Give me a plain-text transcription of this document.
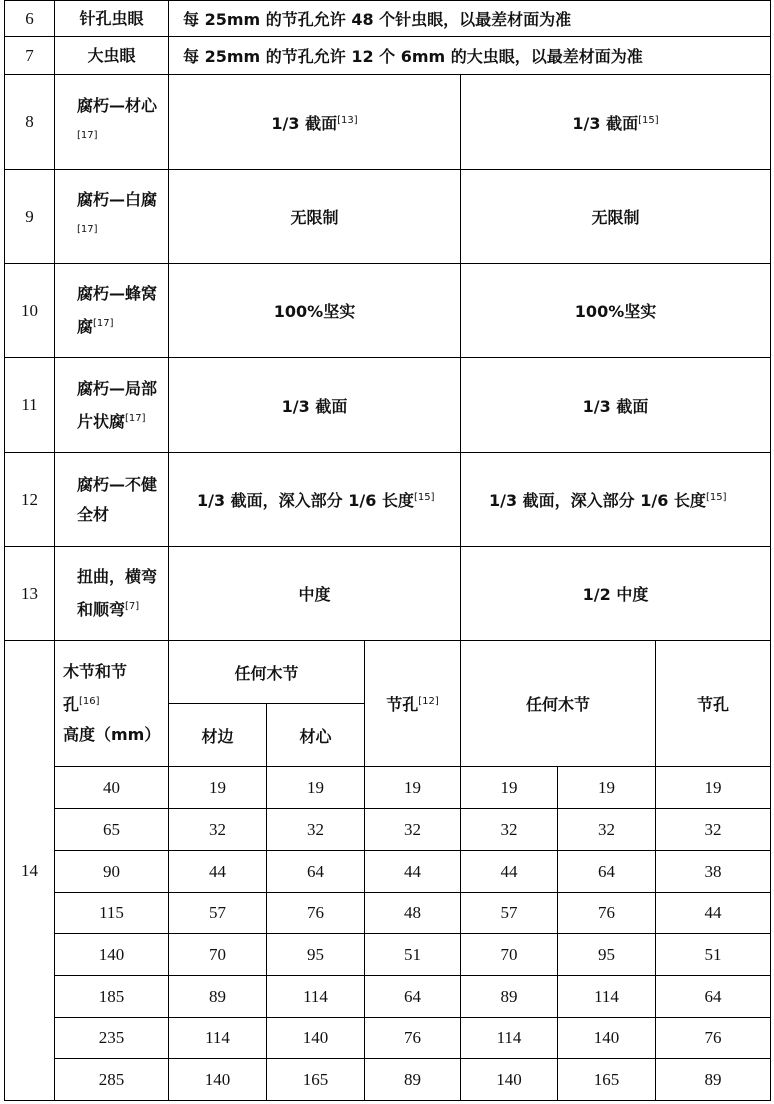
6	针孔虫眼	每 25mm 的节孔允许 48 个针虫眼，以最差材面为准					
7	大虫眼	每 25mm 的节孔允许 12 个 6mm 的大虫眼，以最差材面为准					
8	腐朽—材心[17]	1/3 截面[13]			1/3 截面[15]
9	腐朽—白腐[17]	无限制			无限制		
10	腐朽—蜂窝腐[17]	100%坚实			100%坚实		
11	腐朽—局部片状腐[17]	1/3 截面			1/3 截面		
12	腐朽—不健全材	1/3 截面，深入部分 1/6 长度[15]			1/3 截面，深入部分 1/6 长度[15]

13	扭曲，横弯和顺弯[7]	中度			1/2 中度		
14	木节和节
孔[16]
高度（mm）	任何木节		节孔[12]	任何木节		节孔
		材边	材心				
	40	19	19	19	19	19	19
	65	32	32	32	32	32	32
	90	44	64	44	44	64	38
	115	57	76	48	57	76	44
	140	70	95	51	70	95	51
	185	89	114	64	89	114	64
	235	114	140	76	114	140	76
	285	140	165	89	140	165	89
